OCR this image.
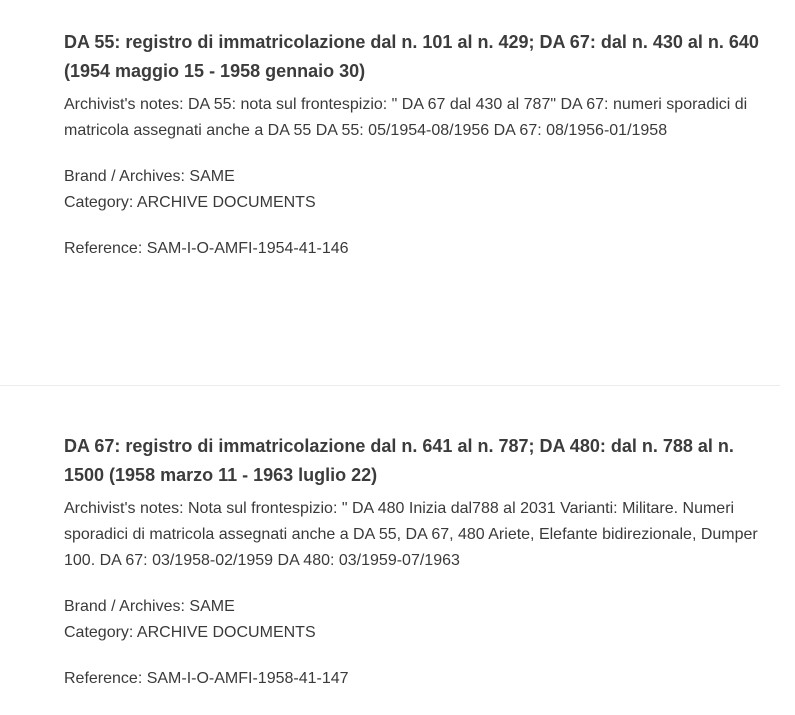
DA 55: registro di immatricolazione dal n. 101 al n. 429; DA 67: dal n. 430 al n. 640 (1954 maggio 15 - 1958 gennaio 30)

Archivist's notes: DA 55: nota sul frontespizio: " DA 67 dal 430 al 787" DA 67: numeri sporadici di matricola assegnati anche a DA 55 DA 55: 05/1954-08/1956 DA 67: 08/1956-01/1958

Brand / Archives: SAME
Category: ARCHIVE DOCUMENTS
Reference: SAM-I-O-AMFI-1954-41-146
DA 67: registro di immatricolazione dal n. 641 al n. 787; DA 480: dal n. 788 al n. 1500 (1958 marzo 11 - 1963 luglio 22)

Archivist's notes: Nota sul frontespizio: " DA 480 Inizia dal788 al 2031 Varianti: Militare. Numeri sporadici di matricola assegnati anche a DA 55, DA 67, 480 Ariete, Elefante bidirezionale, Dumper 100. DA 67: 03/1958-02/1959 DA 480: 03/1959-07/1963

Brand / Archives: SAME
Category: ARCHIVE DOCUMENTS
Reference: SAM-I-O-AMFI-1958-41-147
